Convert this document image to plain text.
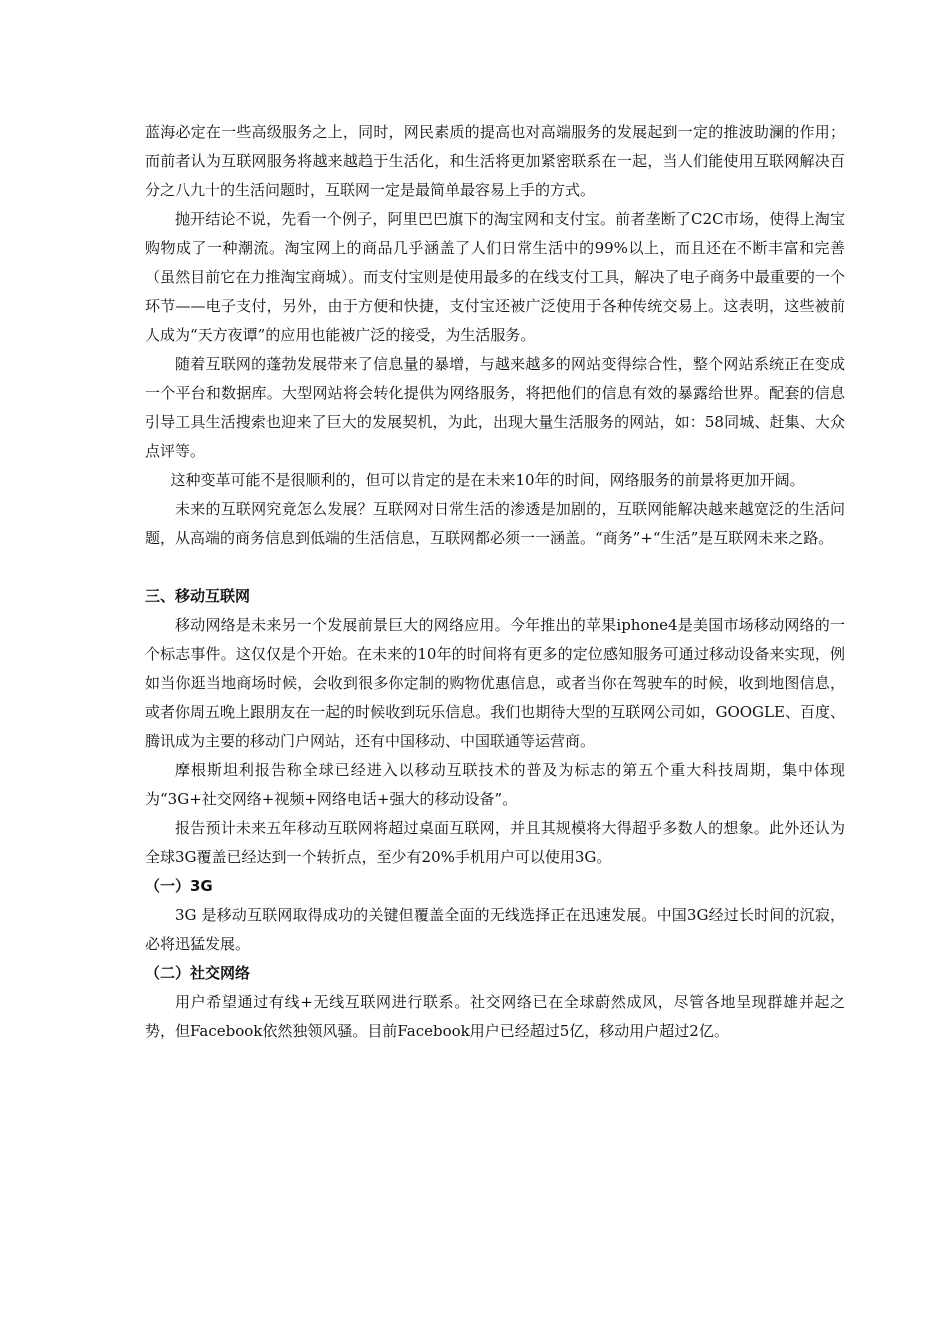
蓝海必定在一些高级服务之上，同时，网民素质的提高也对高端服务的发展起到一定的推波助澜的作用；而前者认为互联网服务将越来越趋于生活化，和生活将更加紧密联系在一起，当人们能使用互联网解决百分之八九十的生活问题时，互联网一定是最简单最容易上手的方式。

抛开结论不说，先看一个例子，阿里巴巴旗下的淘宝网和支付宝。前者垄断了C2C市场，使得上淘宝购物成了一种潮流。淘宝网上的商品几乎涵盖了人们日常生活中的99%以上，而且还在不断丰富和完善（虽然目前它在力推淘宝商城）。而支付宝则是使用最多的在线支付工具，解决了电子商务中最重要的一个环节——电子支付，另外，由于方便和快捷，支付宝还被广泛使用于各种传统交易上。这表明，这些被前人成为“天方夜谭”的应用也能被广泛的接受，为生活服务。

随着互联网的蓬勃发展带来了信息量的暴增，与越来越多的网站变得综合性，整个网站系统正在变成一个平台和数据库。大型网站将会转化提供为网络服务，将把他们的信息有效的暴露给世界。配套的信息引导工具生活搜索也迎来了巨大的发展契机，为此，出现大量生活服务的网站，如：58同城、赶集、大众点评等。

这种变革可能不是很顺利的，但可以肯定的是在未来10年的时间，网络服务的前景将更加开阔。

未来的互联网究竟怎么发展？互联网对日常生活的渗透是加剧的，互联网能解决越来越宽泛的生活问题，从高端的商务信息到低端的生活信息，互联网都必须一一涵盖。“商务”+“生活”是互联网未来之路。

三、移动互联网

移动网络是未来另一个发展前景巨大的网络应用。今年推出的苹果iphone4是美国市场移动网络的一个标志事件。这仅仅是个开始。在未来的10年的时间将有更多的定位感知服务可通过移动设备来实现，例如当你逛当地商场时候，会收到很多你定制的购物优惠信息，或者当你在驾驶车的时候，收到地图信息，或者你周五晚上跟朋友在一起的时候收到玩乐信息。我们也期待大型的互联网公司如，GOOGLE、百度、腾讯成为主要的移动门户网站，还有中国移动、中国联通等运营商。

摩根斯坦利报告称全球已经进入以移动互联技术的普及为标志的第五个重大科技周期，集中体现为“3G+社交网络+视频+网络电话+强大的移动设备”。

报告预计未来五年移动互联网将超过桌面互联网，并且其规模将大得超乎多数人的想象。此外还认为全球3G覆盖已经达到一个转折点，至少有20%手机用户可以使用3G。

（一）3G

3G 是移动互联网取得成功的关键但覆盖全面的无线选择正在迅速发展。中国3G经过长时间的沉寂，必将迅猛发展。

（二）社交网络

用户希望通过有线+无线互联网进行联系。社交网络已在全球蔚然成风，尽管各地呈现群雄并起之势，但Facebook依然独领风骚。目前Facebook用户已经超过5亿，移动用户超过2亿。
